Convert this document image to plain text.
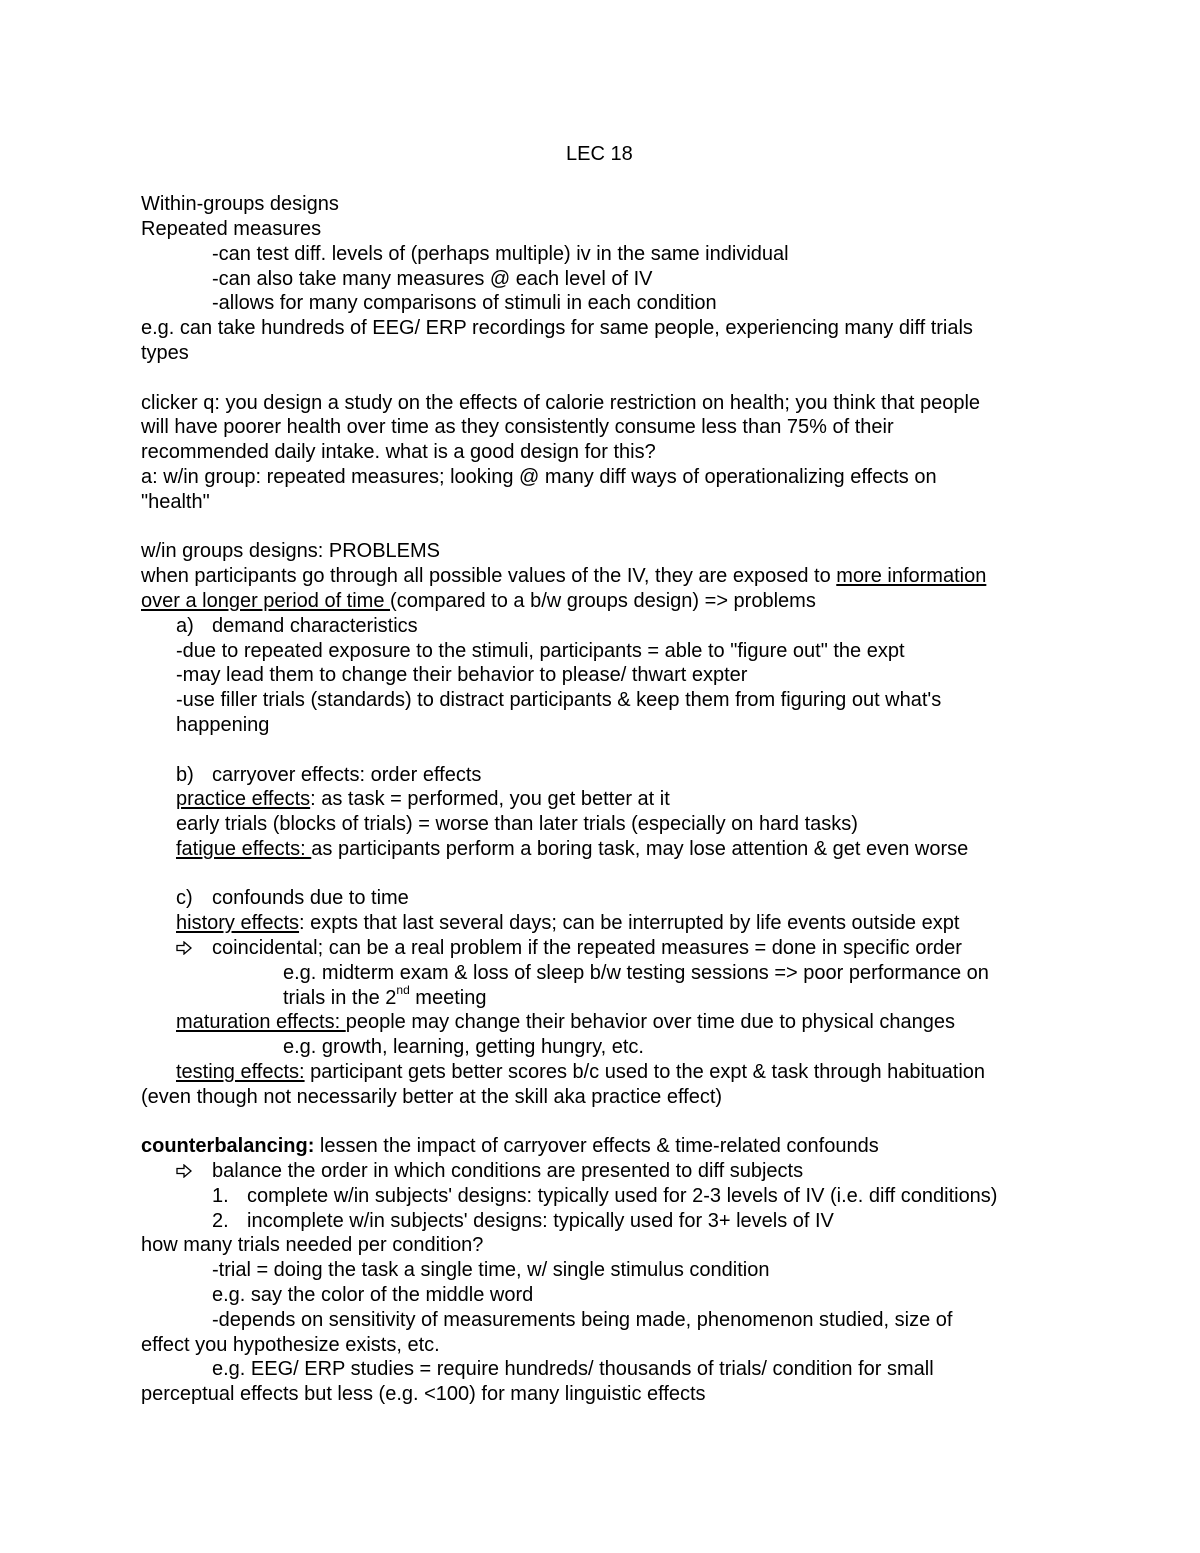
LEC 18
Within-groups designs
Repeated measures
-can test diff. levels of (perhaps multiple) iv in the same individual
-can also take many measures @ each level of IV
-allows for many comparisons of stimuli in each condition
e.g. can take hundreds of EEG/ ERP recordings for same people, experiencing many diff trials
types
clicker q: you design a study on the effects of calorie restriction on health; you think that people
will have poorer health over time as they consistently consume less than 75% of their
recommended daily intake. what is a good design for this?
a: w/in group: repeated measures; looking @ many diff ways of operationalizing effects on
"health"
w/in groups designs: PROBLEMS
when participants go through all possible values of the IV, they are exposed to more information
over a longer period of time (compared to a b/w groups design) => problems
a) demand characteristics
-due to repeated exposure to the stimuli, participants = able to "figure out" the expt
-may lead them to change their behavior to please/ thwart expter
-use filler trials (standards) to distract participants & keep them from figuring out what's
happening
b) carryover effects: order effects
practice effects: as task = performed, you get better at it
early trials (blocks of trials) = worse than later trials (especially on hard tasks)
fatigue effects: as participants perform a boring task, may lose attention & get even worse
c) confounds due to time
history effects: expts that last several days; can be interrupted by life events outside expt
coincidental; can be a real problem if the repeated measures = done in specific order
e.g. midterm exam & loss of sleep b/w testing sessions => poor performance on
trials in the 2nd meeting
maturation effects: people may change their behavior over time due to physical changes
e.g. growth, learning, getting hungry, etc.
testing effects: participant gets better scores b/c used to the expt & task through habituation
(even though not necessarily better at the skill aka practice effect)
counterbalancing: lessen the impact of carryover effects & time-related confounds
balance the order in which conditions are presented to diff subjects
1. complete w/in subjects' designs: typically used for 2-3 levels of IV (i.e. diff conditions)
2. incomplete w/in subjects' designs: typically used for 3+ levels of IV
how many trials needed per condition?
-trial = doing the task a single time, w/ single stimulus condition
e.g. say the color of the middle word
-depends on sensitivity of measurements being made, phenomenon studied, size of
effect you hypothesize exists, etc.
e.g. EEG/ ERP studies = require hundreds/ thousands of trials/ condition for small
perceptual effects but less (e.g. <100) for many linguistic effects
